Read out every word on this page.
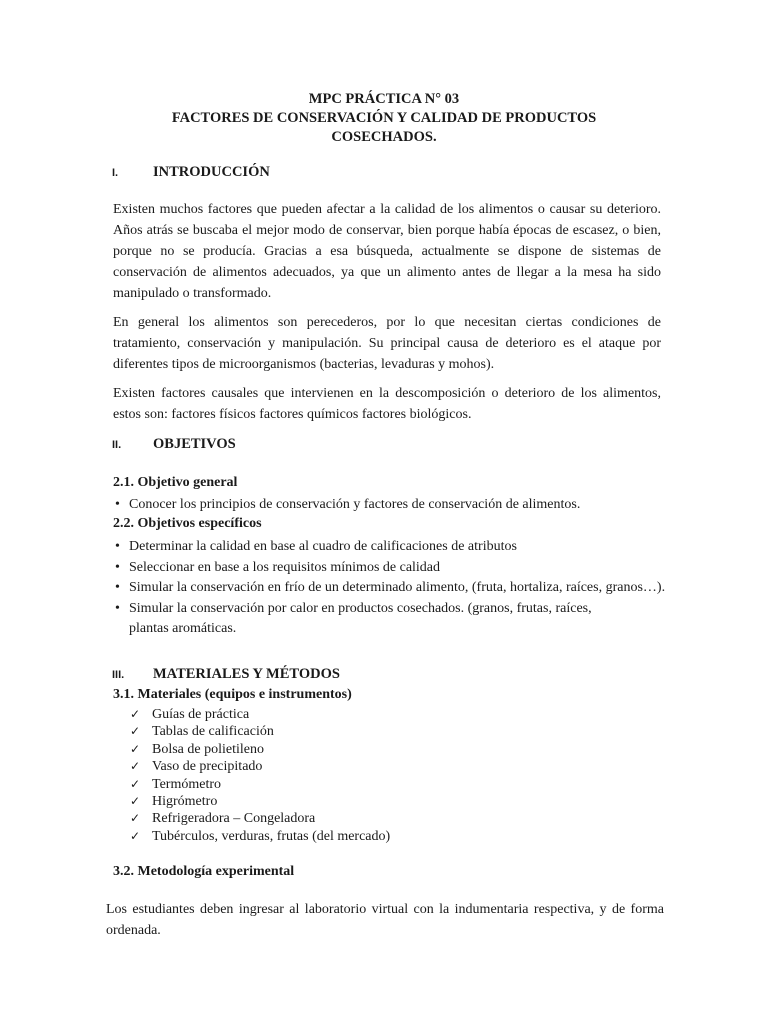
MPC PRÁCTICA N° 03
FACTORES DE CONSERVACIÓN Y CALIDAD DE PRODUCTOS
COSECHADOS.
I.	INTRODUCCIÓN

Existen muchos factores que pueden afectar a la calidad de los alimentos o causar su deterioro. Años atrás se buscaba el mejor modo de conservar, bien porque había épocas de escasez, o bien, porque no se producía. Gracias a esa búsqueda, actualmente se dispone de sistemas de conservación de alimentos adecuados, ya que un alimento antes de llegar a la mesa ha sido manipulado o transformado.

En general los alimentos son perecederos, por lo que necesitan ciertas condiciones de tratamiento, conservación y manipulación. Su principal causa de deterioro es el ataque por diferentes tipos de microorganismos (bacterias, levaduras y mohos).

Existen factores causales que intervienen en la descomposición o deterioro de los alimentos, estos son: factores físicos factores químicos factores biológicos.

II.	OBJETIVOS

2.1. Objetivo general

• Conocer los principios de conservación y factores de conservación de alimentos.

2.2. Objetivos específicos

• Determinar la calidad en base al cuadro de calificaciones de atributos
• Seleccionar en base a los requisitos mínimos de calidad
• Simular la conservación en frío de un determinado alimento, (fruta, hortaliza, raíces, granos…).
• Simular la conservación por calor en productos cosechados. (granos, frutas, raíces,
plantas aromáticas.
III.	MATERIALES Y MÉTODOS

3.1. Materiales (equipos e instrumentos)

✓ Guías de práctica
✓ Tablas de calificación
✓ Bolsa de polietileno
✓ Vaso de precipitado
✓ Termómetro
✓ Higrómetro
✓ Refrigeradora – Congeladora
✓ Tubérculos, verduras, frutas (del mercado)

3.2. Metodología experimental

Los estudiantes deben ingresar al laboratorio virtual con la indumentaria respectiva, y de forma ordenada.
